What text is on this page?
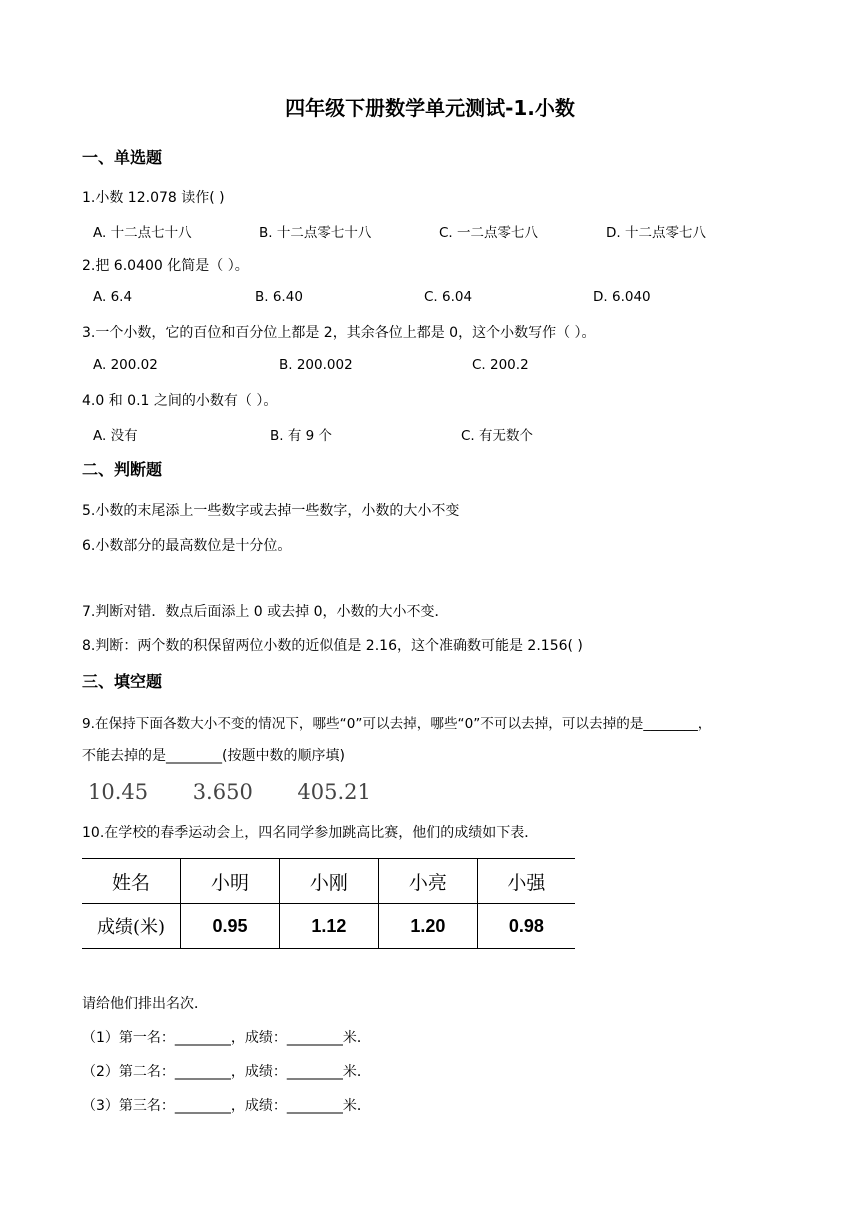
四年级下册数学单元测试-1.小数
一、单选题
1.小数 12.078 读作( )
A. 十二点七十八	B. 十二点零七十八	C. 一二点零七八	D. 十二点零七八
2.把 6.0400 化简是（ ）。
A. 6.4	B. 6.40	C. 6.04	D. 6.040
3.一个小数，它的百位和百分位上都是 2，其余各位上都是 0，这个小数写作（ ）。
A. 200.02	B. 200.002	C. 200.2
4.0 和 0.1 之间的小数有（ ）。
A. 没有	B. 有 9 个	C. 有无数个
二、判断题
5.小数的末尾添上一些数字或去掉一些数字，小数的大小不变
6.小数部分的最高数位是十分位。
7.判断对错．数点后面添上 0 或去掉 0，小数的大小不变．
8.判断：两个数的积保留两位小数的近似值是 2.16，这个准确数可能是 2.156( )
三、填空题
9.在保持下面各数大小不变的情况下，哪些“0”可以去掉，哪些“0”不可以去掉，可以去掉的是________，
不能去掉的是________(按题中数的顺序填)
10.45 3.650 405.21
10.在学校的春季运动会上，四名同学参加跳高比赛，他们的成绩如下表．
姓名	小明	小刚	小亮	小强
成绩(米)	0.95	1.12	1.20	0.98
请给他们排出名次．
（1）第一名：________，成绩：________米．
（2）第二名：________，成绩：________米．
（3）第三名：________，成绩：________米．
